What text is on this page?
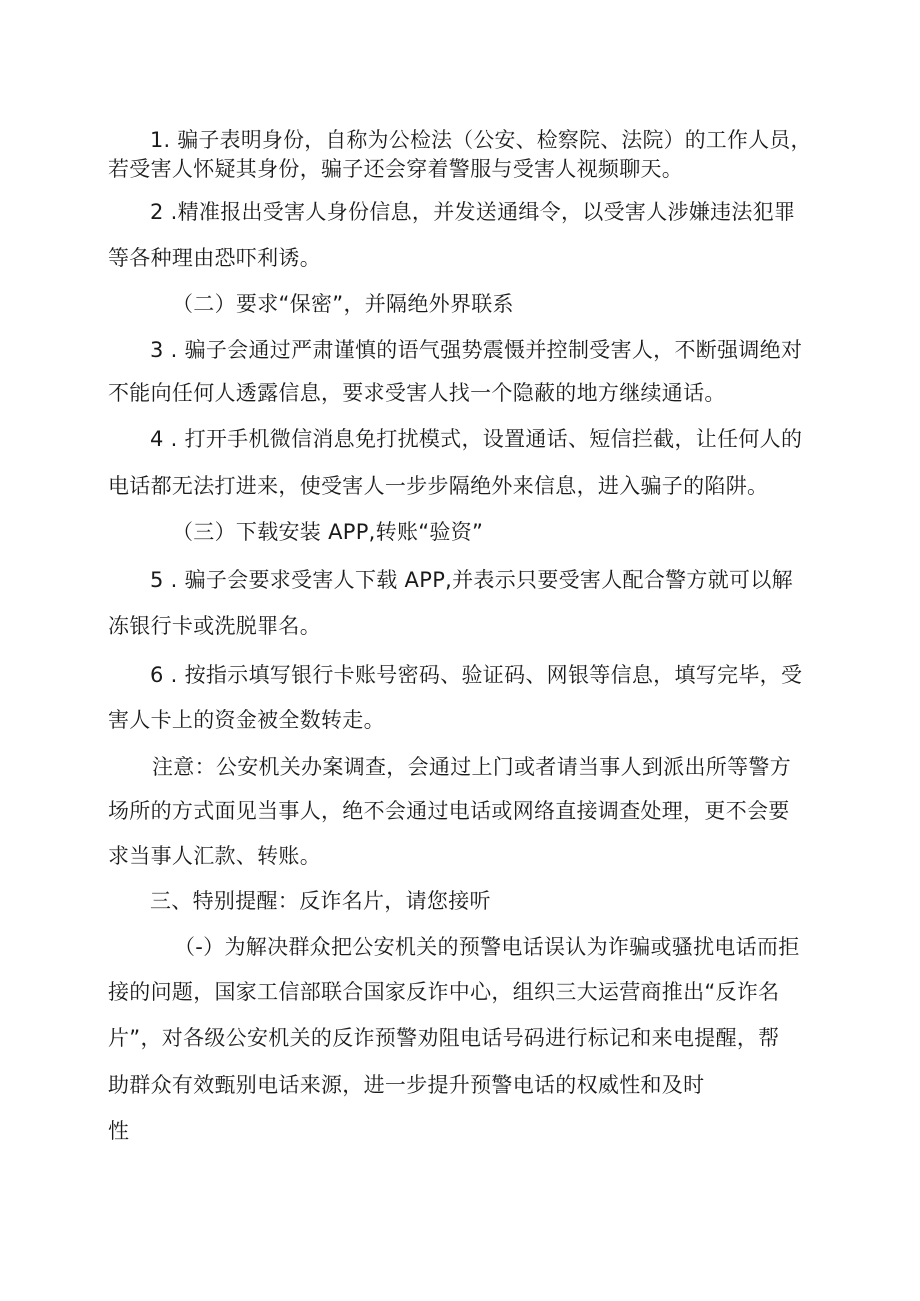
1. 骗子表明身份，自称为公检法（公安、检察院、法院）的工作人员，
若受害人怀疑其身份，骗子还会穿着警服与受害人视频聊天。
2 .精准报出受害人身份信息，并发送通缉令，以受害人涉嫌违法犯罪
等各种理由恐吓利诱。
（二）要求“保密”，并隔绝外界联系
3 . 骗子会通过严肃谨慎的语气强势震慑并控制受害人，不断强调绝对
不能向任何人透露信息，要求受害人找一个隐蔽的地方继续通话。
4 . 打开手机微信消息免打扰模式，设置通话、短信拦截，让任何人的
电话都无法打进来，使受害人一步步隔绝外来信息，进入骗子的陷阱。
（三）下载安装 APP,转账“验资”
5 . 骗子会要求受害人下载 APP,并表示只要受害人配合警方就可以解
冻银行卡或洗脱罪名。
6 . 按指示填写银行卡账号密码、验证码、网银等信息，填写完毕，受
害人卡上的资金被全数转走。
注意：公安机关办案调查，会通过上门或者请当事人到派出所等警方
场所的方式面见当事人，绝不会通过电话或网络直接调查处理，更不会要
求当事人汇款、转账。
三、特别提醒：反诈名片，请您接听
（-）为解决群众把公安机关的预警电话误认为诈骗或骚扰电话而拒
接的问题，国家工信部联合国家反诈中心，组织三大运营商推出“反诈名
片”，对各级公安机关的反诈预警劝阻电话号码进行标记和来电提醒，帮
助群众有效甄别电话来源，进一步提升预警电话的权威性和及时
性
